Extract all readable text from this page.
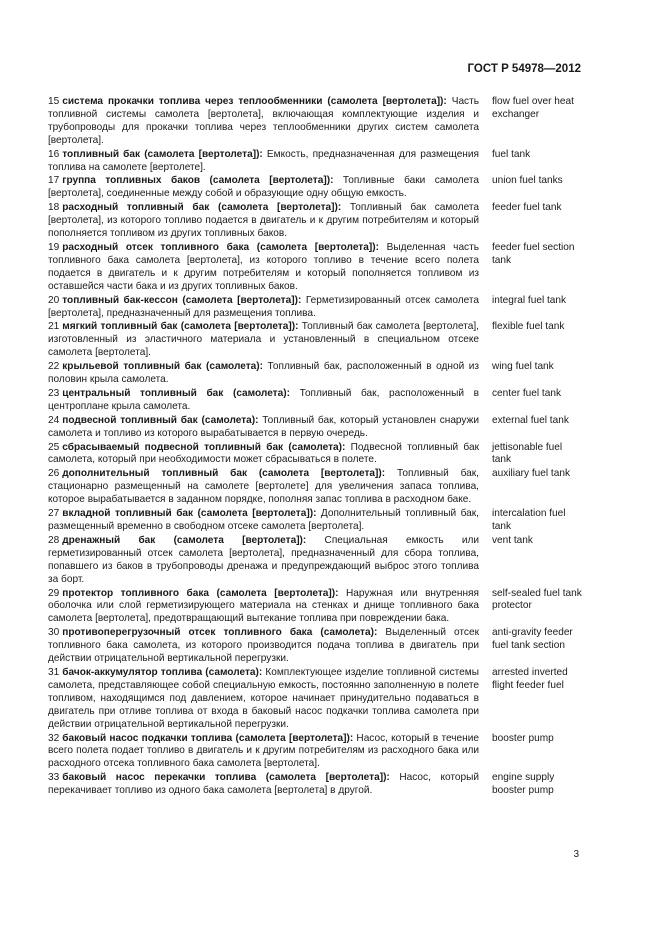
ГОСТ Р 54978—2012
15 система прокачки топлива через теплообменники (самолета [вертолета]): Часть топливной системы самолета [вертолета], включающая комплектующие изделия и трубопроводы для прокачки топлива через теплообменники других систем самолета [вертолета].
flow fuel over heat exchanger
16 топливный бак (самолета [вертолета]): Емкость, предназначенная для размещения топлива на самолете [вертолете].
fuel tank
17 группа топливных баков (самолета [вертолета]): Топливные баки самолета [вертолета], соединенные между собой и образующие одну общую емкость.
union fuel tanks
18 расходный топливный бак (самолета [вертолета]): Топливный бак самолета [вертолета], из которого топливо подается в двигатель и к другим потребителям и который пополняется топливом из других топливных баков.
feeder fuel tank
19 расходный отсек топливного бака (самолета [вертолета]): Выделенная часть топливного бака самолета [вертолета], из которого топливо в течение всего полета подается в двигатель и к другим потребителям и который пополняется топливом из оставшейся части бака и из других топливных баков.
feeder fuel section tank
20 топливный бак-кессон (самолета [вертолета]): Герметизированный отсек самолета [вертолета], предназначенный для размещения топлива.
integral fuel tank
21 мягкий топливный бак (самолета [вертолета]): Топливный бак самолета [вертолета], изготовленный из эластичного материала и установленный в специальном отсеке самолета [вертолета].
flexible fuel tank
22 крыльевой топливный бак (самолета): Топливный бак, расположенный в одной из половин крыла самолета.
wing fuel tank
23 центральный топливный бак (самолета): Топливный бак, расположенный в центроплане крыла самолета.
center fuel tank
24 подвесной топливный бак (самолета): Топливный бак, который установлен снаружи самолета и топливо из которого вырабатывается в первую очередь.
external fuel tank
25 сбрасываемый подвесной топливный бак (самолета): Подвесной топливный бак самолета, который при необходимости может сбрасываться в полете.
jettisonable fuel tank
26 дополнительный топливный бак (самолета [вертолета]): Топливный бак, стационарно размещенный на самолете [вертолете] для увеличения запаса топлива, которое вырабатывается в заданном порядке, пополняя запас топлива в расходном баке.
auxiliary fuel tank
27 вкладной топливный бак (самолета [вертолета]): Дополнительный топливный бак, размещенный временно в свободном отсеке самолета [вертолета].
intercalation fuel tank
28 дренажный бак (самолета [вертолета]): Специальная емкость или герметизированный отсек самолета [вертолета], предназначенный для сбора топлива, попавшего из баков в трубопроводы дренажа и предупреждающий выброс этого топлива за борт.
vent tank
29 протектор топливного бака (самолета [вертолета]): Наружная или внутренняя оболочка или слой герметизирующего материала на стенках и днище топливного бака самолета [вертолета], предотвращающий вытекание топлива при повреждении бака.
self-sealed fuel tank protector
30 противоперегрузочный отсек топливного бака (самолета): Выделенный отсек топливного бака самолета, из которого производится подача топлива в двигатель при действии отрицательной вертикальной перегрузки.
anti-gravity feeder fuel tank section
31 бачок-аккумулятор топлива (самолета): Комплектующее изделие топливной системы самолета, представляющее собой специальную емкость, постоянно заполненную в полете топливом, находящимся под давлением, которое начинает принудительно подаваться в двигатель при отливе топлива от входа в баковый насос подкачки топлива самолета при действии отрицательной вертикальной перегрузки.
arrested inverted flight feeder fuel
32 баковый насос подкачки топлива (самолета [вертолета]): Насос, который в течение всего полета подает топливо в двигатель и к другим потребителям из расходного бака или расходного отсека топливного бака самолета [вертолета].
booster pump
33 баковый насос перекачки топлива (самолета [вертолета]): Насос, который перекачивает топливо из одного бака самолета [вертолета] в другой.
engine supply booster pump
3
